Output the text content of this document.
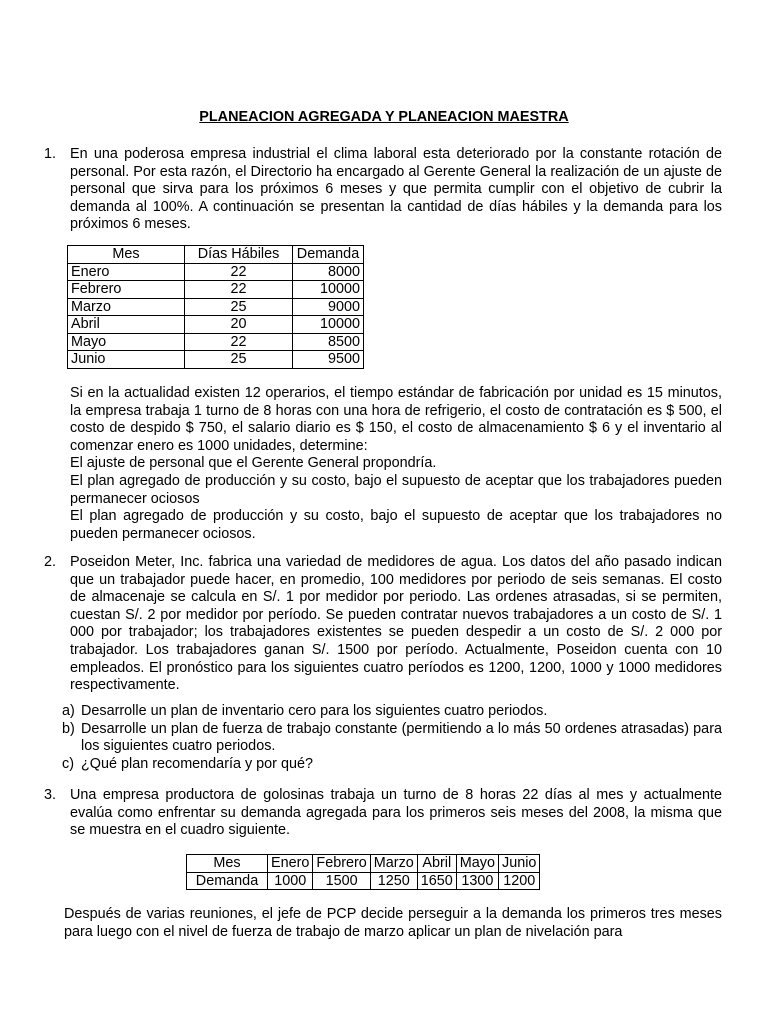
PLANEACION AGREGADA Y PLANEACION MAESTRA
1. En una poderosa empresa industrial el clima laboral esta deteriorado por la constante rotación de personal. Por esta razón, el Directorio ha encargado al Gerente General la realización de un ajuste de personal que sirva para los próximos 6 meses y que permita cumplir con el objetivo de cubrir la demanda al 100%. A continuación se presentan la cantidad de días hábiles y la demanda para los próximos 6 meses.
Mes	Días Hábiles	Demanda
Enero	22	8000
Febrero	22	10000
Marzo	25	9000
Abril	20	10000
Mayo	22	8500
Junio	25	9500
Si en la actualidad existen 12 operarios, el tiempo estándar de fabricación por unidad es 15 minutos, la empresa trabaja 1 turno de 8 horas con una hora de refrigerio, el costo de contratación es $ 500, el costo de despido $ 750, el salario diario es $ 150, el costo de almacenamiento $ 6 y el inventario al comenzar enero es 1000 unidades, determine:
El ajuste de personal que el Gerente General propondría.
El plan agregado de producción y su costo, bajo el supuesto de aceptar que los trabajadores pueden permanecer ociosos
El plan agregado de producción y su costo, bajo el supuesto de aceptar que los trabajadores no pueden permanecer ociosos.
2. Poseidon Meter, Inc. fabrica una variedad de medidores de agua. Los datos del año pasado indican que un trabajador puede hacer, en promedio, 100 medidores por periodo de seis semanas. El costo de almacenaje se calcula en S/. 1 por medidor por periodo. Las ordenes atrasadas, si se permiten, cuestan S/. 2 por medidor por período. Se pueden contratar nuevos trabajadores a un costo de S/. 1 000 por trabajador; los trabajadores existentes se pueden despedir a un costo de S/. 2 000 por trabajador. Los trabajadores ganan S/. 1500 por período. Actualmente, Poseidon cuenta con 10 empleados. El pronóstico para los siguientes cuatro períodos es 1200, 1200, 1000 y 1000 medidores respectivamente.
a) Desarrolle un plan de inventario cero para los siguientes cuatro periodos.
b) Desarrolle un plan de fuerza de trabajo constante (permitiendo a lo más 50 ordenes atrasadas) para los siguientes cuatro periodos.
c) ¿Qué plan recomendaría y por qué?
3. Una empresa productora de golosinas trabaja un turno de 8 horas 22 días al mes y actualmente evalúa como enfrentar su demanda agregada para los primeros seis meses del 2008, la misma que se muestra en el cuadro siguiente.
Mes	Enero	Febrero	Marzo	Abril	Mayo	Junio
Demanda	1000	1500	1250	1650	1300	1200
Después de varias reuniones, el jefe de PCP decide perseguir a la demanda los primeros tres meses para luego con el nivel de fuerza de trabajo de marzo aplicar un plan de nivelación para
